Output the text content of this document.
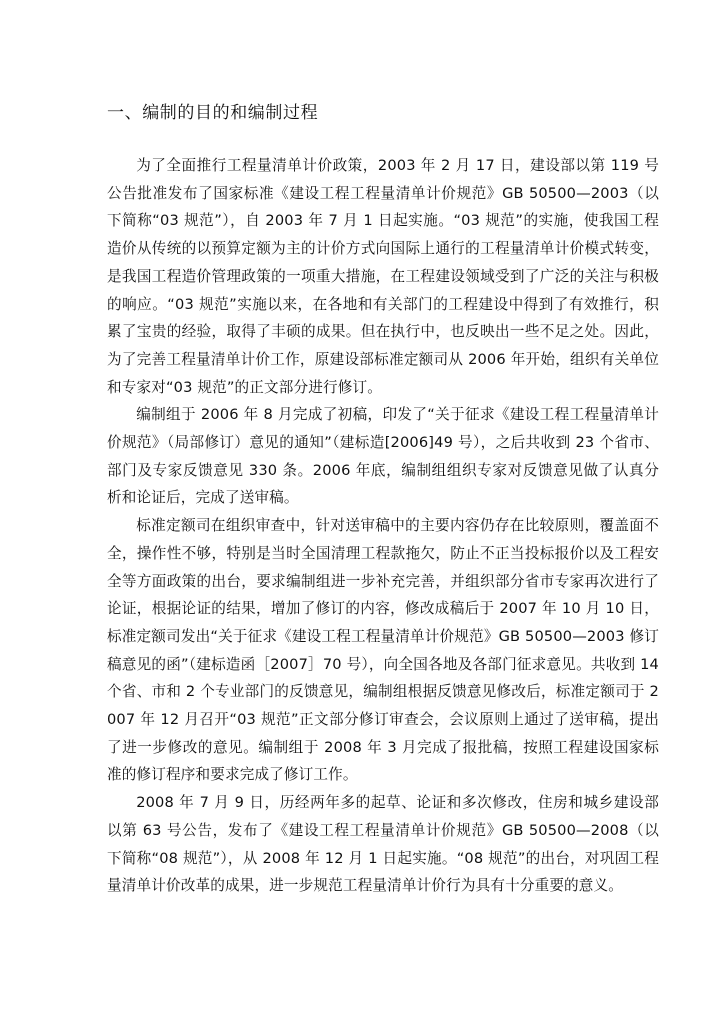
一、编制的目的和编制过程

为了全面推行工程量清单计价政策，2003 年 2 月 17 日，建设部以第 119 号公告批准发布了国家标准《建设工程工程量清单计价规范》GB 50500—2003（以下简称“03 规范”），自 2003 年 7 月 1 日起实施。“03 规范”的实施，使我国工程造价从传统的以预算定额为主的计价方式向国际上通行的工程量清单计价模式转变，是我国工程造价管理政策的一项重大措施，在工程建设领域受到了广泛的关注与积极的响应。“03 规范”实施以来，在各地和有关部门的工程建设中得到了有效推行，积累了宝贵的经验，取得了丰硕的成果。但在执行中，也反映出一些不足之处。因此，为了完善工程量清单计价工作，原建设部标准定额司从 2006 年开始，组织有关单位和专家对“03 规范”的正文部分进行修订。

编制组于 2006 年 8 月完成了初稿，印发了“关于征求《建设工程工程量清单计价规范》（局部修订）意见的通知”（建标造[2006]49 号），之后共收到 23 个省市、部门及专家反馈意见 330 条。2006 年底，编制组组织专家对反馈意见做了认真分析和论证后，完成了送审稿。

标准定额司在组织审查中，针对送审稿中的主要内容仍存在比较原则，覆盖面不全，操作性不够，特别是当时全国清理工程款拖欠，防止不正当投标报价以及工程安全等方面政策的出台，要求编制组进一步补充完善，并组织部分省市专家再次进行了论证，根据论证的结果，增加了修订的内容，修改成稿后于 2007 年 10 月 10 日，标准定额司发出“关于征求《建设工程工程量清单计价规范》GB 50500—2003 修订稿意见的函”（建标造函［2007］70 号），向全国各地及各部门征求意见。共收到 14 个省、市和 2 个专业部门的反馈意见，编制组根据反馈意见修改后，标准定额司于 2007 年 12 月召开“03 规范”正文部分修订审查会，会议原则上通过了送审稿，提出了进一步修改的意见。编制组于 2008 年 3 月完成了报批稿，按照工程建设国家标准的修订程序和要求完成了修订工作。

2008 年 7 月 9 日，历经两年多的起草、论证和多次修改，住房和城乡建设部以第 63 号公告，发布了《建设工程工程量清单计价规范》GB 50500—2008（以下简称“08 规范”），从 2008 年 12 月 1 日起实施。“08 规范”的出台，对巩固工程量清单计价改革的成果，进一步规范工程量清单计价行为具有十分重要的意义。
